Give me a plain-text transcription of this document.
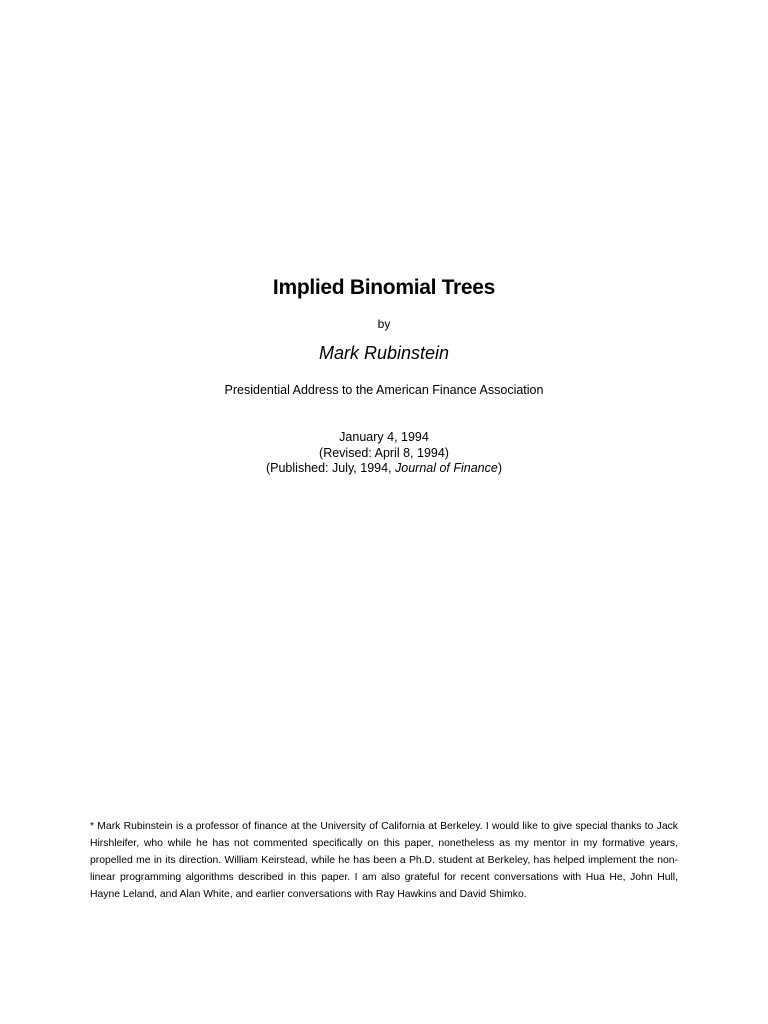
Implied Binomial Trees
by
Mark Rubinstein
Presidential Address to the American Finance Association
January 4, 1994
(Revised: April 8, 1994)
(Published: July, 1994, Journal of Finance)
* Mark Rubinstein is a professor of finance at the University of California at Berkeley. I would like to give special thanks to Jack Hirshleifer, who while he has not commented specifically on this paper, nonetheless as my mentor in my formative years, propelled me in its direction. William Keirstead, while he has been a Ph.D. student at Berkeley, has helped implement the non-linear programming algorithms described in this paper. I am also grateful for recent conversations with Hua He, John Hull, Hayne Leland, and Alan White, and earlier conversations with Ray Hawkins and David Shimko.
